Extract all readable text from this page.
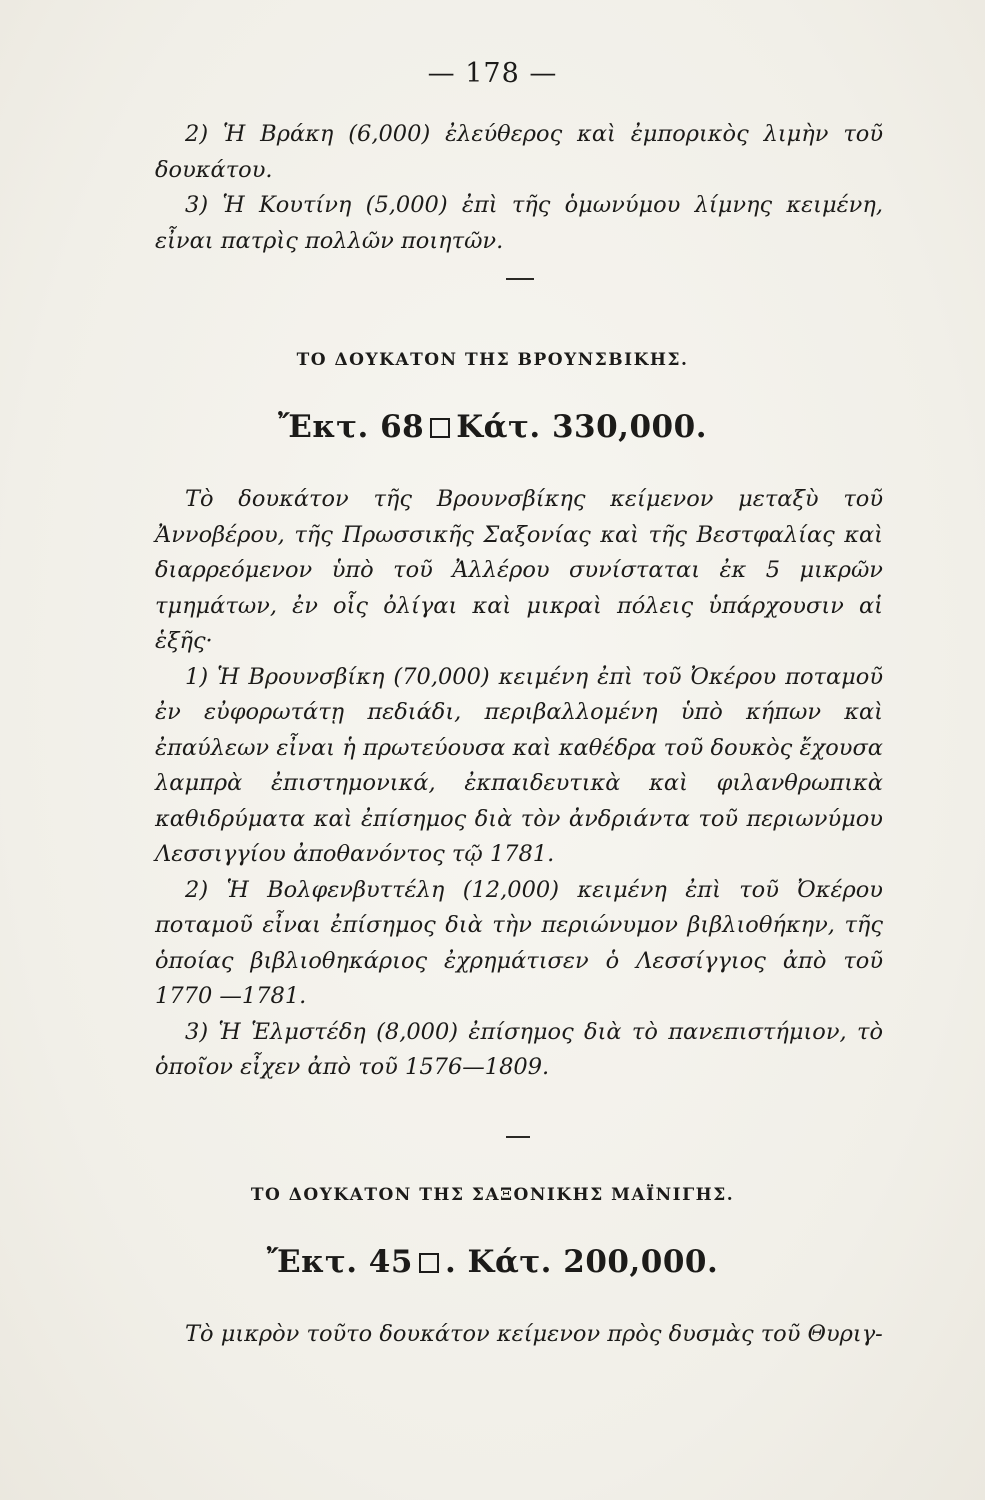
— 178 —

2) Ἡ Βράκη (6,000) ἐλεύθερος καὶ ἐμπορικὸς λιμὴν τοῦ δουκάτου.

3) Ἡ Κουτίνη (5,000) ἐπὶ τῆς ὁμωνύμου λίμνης κειμένη, εἶναι πατρὶς πολλῶν ποιητῶν.

ΤΟ ΔΟΥΚΑΤΟΝ ΤΗΣ ΒΡΟΥΝΣΒΙΚΗΣ.
Ἔκτ. 68 Κάτ. 330,000.

Τὸ δουκάτον τῆς Βρουνσβίκης κείμενον μεταξὺ τοῦ Ἀννοβέρου, τῆς Πρωσσικῆς Σαξονίας καὶ τῆς Βεστφαλίας καὶ διαρρεόμενον ὑπὸ τοῦ Ἀλλέρου συνίσταται ἐκ 5 μικρῶν τμημάτων, ἐν οἷς ὀλίγαι καὶ μικραὶ πόλεις ὑπάρχουσιν αἱ ἑξῆς·

1) Ἡ Βρουνσβίκη (70,000) κειμένη ἐπὶ τοῦ Ὀκέρου ποταμοῦ ἐν εὐφορωτάτῃ πεδιάδι, περιβαλλομένη ὑπὸ κήπων καὶ ἐπαύλεων εἶναι ἡ πρωτεύουσα καὶ καθέδρα τοῦ δουκὸς ἔχουσα λαμπρὰ ἐπιστημονικά, ἐκπαιδευτικὰ καὶ φιλανθρωπικὰ καθιδρύματα καὶ ἐπίσημος διὰ τὸν ἀνδριάντα τοῦ περιωνύμου Λεσσιγγίου ἀποθανόντος τῷ 1781.

2) Ἡ Βολφενβυττέλη (12,000) κειμένη ἐπὶ τοῦ Ὀκέρου ποταμοῦ εἶναι ἐπίσημος διὰ τὴν περιώνυμον βιβλιοθήκην, τῆς ὁποίας βιβλιοθηκάριος ἐχρημάτισεν ὁ Λεσσίγγιος ἀπὸ τοῦ 1770 —1781.

3) Ἡ Ἑλμστέδη (8,000) ἐπίσημος διὰ τὸ πανεπιστήμιον, τὸ ὁποῖον εἶχεν ἀπὸ τοῦ 1576—1809.

ΤΟ ΔΟΥΚΑΤΟΝ ΤΗΣ ΣΑΞΟΝΙΚΗΣ ΜΑΪΝΙΓΗΣ.
Ἔκτ. 45 . Κάτ. 200,000.

Τὸ μικρὸν τοῦτο δουκάτον κείμενον πρὸς δυσμὰς τοῦ Θυριγ-
